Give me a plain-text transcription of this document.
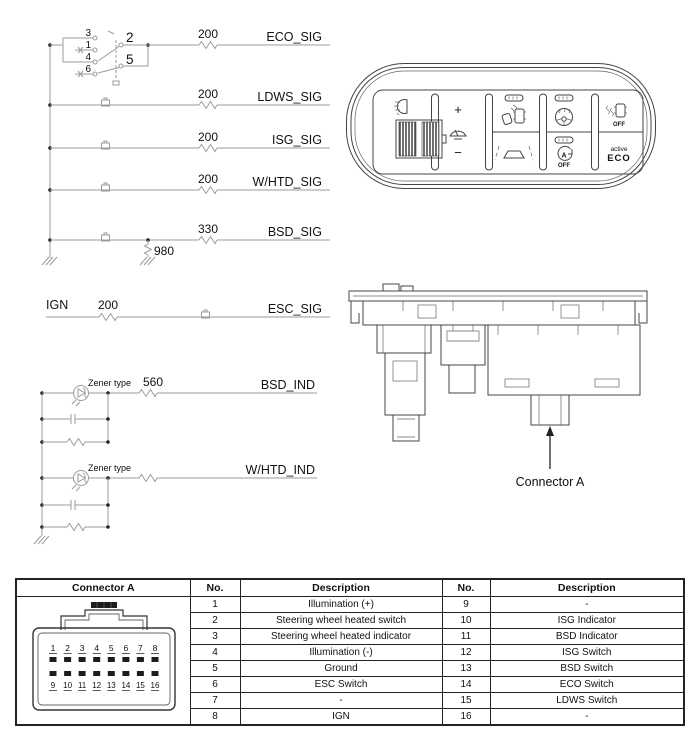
3
1
4
6
2
5
200	ECO_SIG
200	LDWS_SIG
200	ISG_SIG
200	W/HTD_SIG
330	BSD_SIG
980
IGN 200	ESC_SIG
Zener type 560	BSD_IND
Zener type	W/HTD_IND
+
−	A
OFF
OFF
active
ECO
Connector A
Connector A	No.	Description	No.	Description

1 2 3 4 5 6 7 8
9 10 11 12 13 14 15 16
	1	Illumination (+)	9	-
	2	Steering wheel heated switch	10	ISG Indicator
	3	Steering wheel heated indicator	11	BSD Indicator
	4	Illumination (-)	12	ISG Switch
	5	Ground	13	BSD Switch
	6	ESC Switch	14	ECO Switch
	7	-	15	LDWS Switch
	8	IGN	16	-
